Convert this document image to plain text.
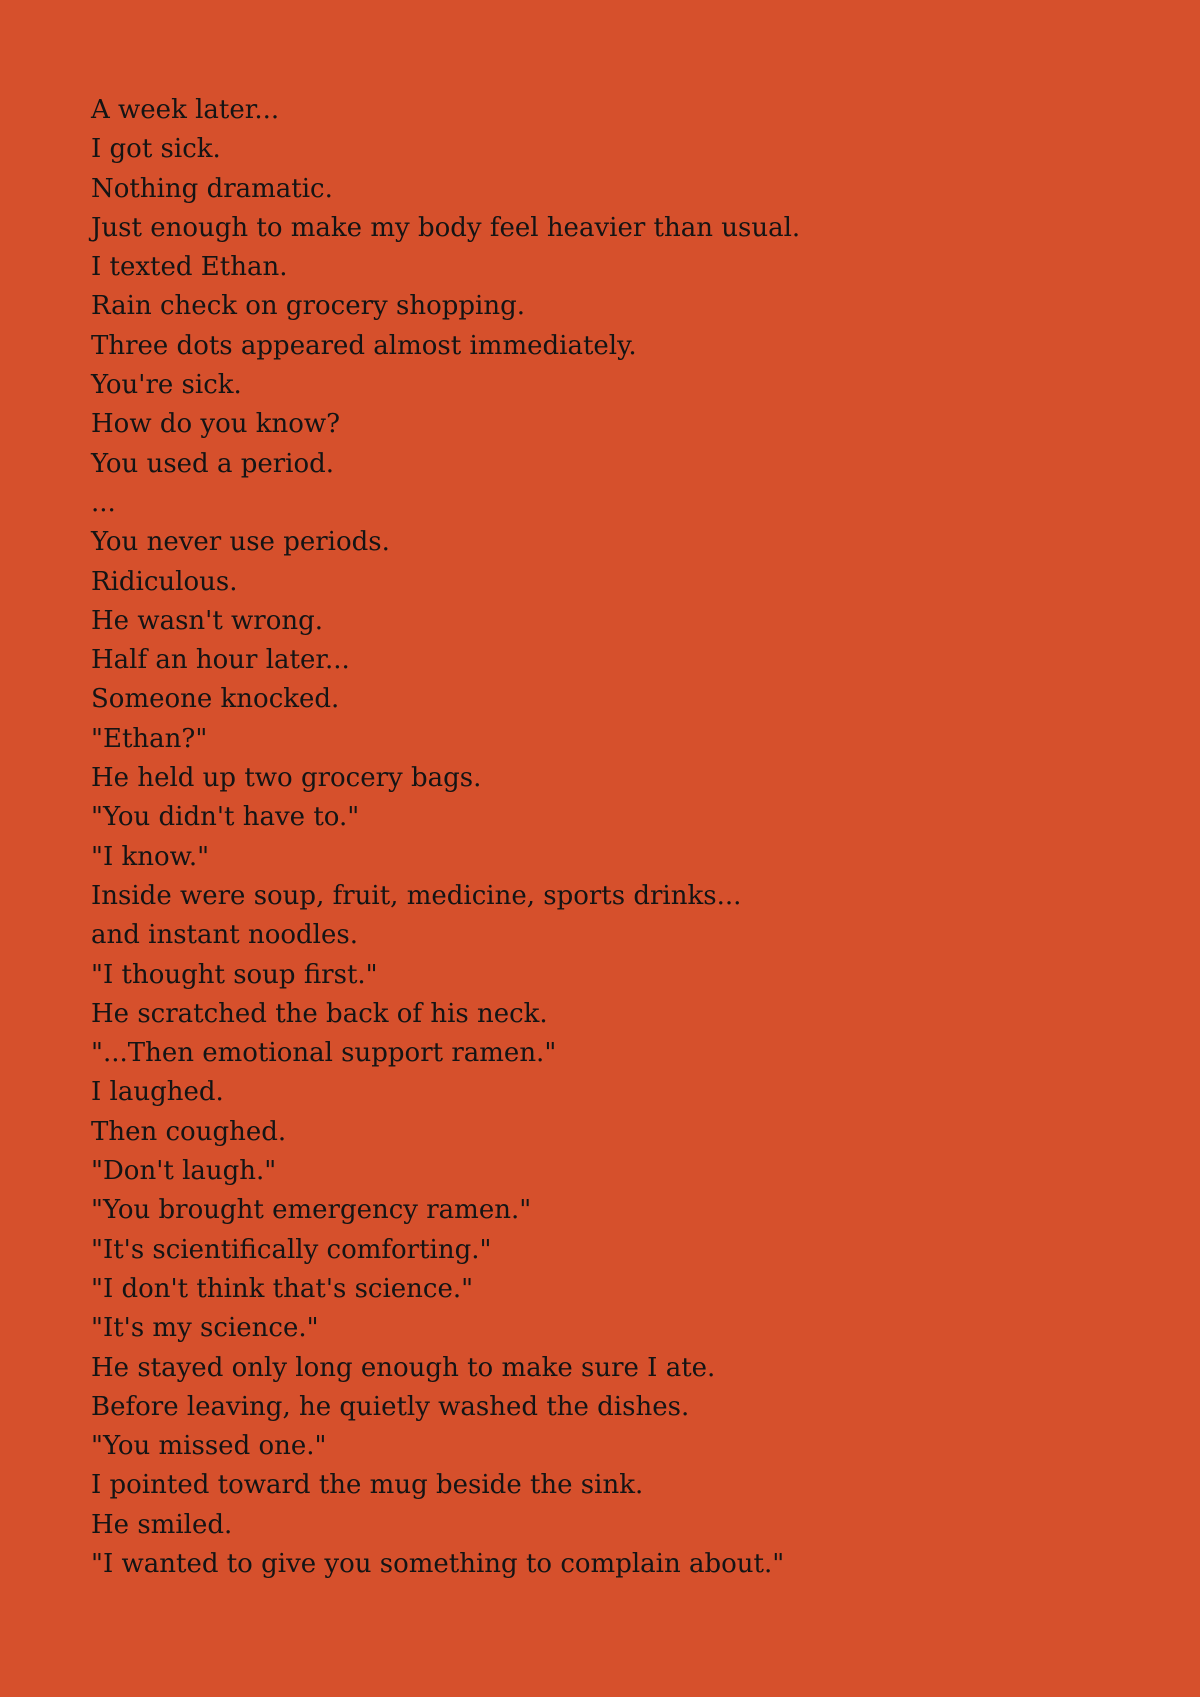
A week later...
I got sick.
Nothing dramatic.
Just enough to make my body feel heavier than usual.
I texted Ethan.
Rain check on grocery shopping.
Three dots appeared almost immediately.
You're sick.
How do you know?
You used a period.
...
You never use periods.
Ridiculous.
He wasn't wrong.
Half an hour later...
Someone knocked.
"Ethan?"
He held up two grocery bags.
"You didn't have to."
"I know."
Inside were soup, fruit, medicine, sports drinks...
and instant noodles.
"I thought soup first."
He scratched the back of his neck.
"...Then emotional support ramen."
I laughed.
Then coughed.
"Don't laugh."
"You brought emergency ramen."
"It's scientifically comforting."
"I don't think that's science."
"It's my science."
He stayed only long enough to make sure I ate.
Before leaving, he quietly washed the dishes.
"You missed one."
I pointed toward the mug beside the sink.
He smiled.
"I wanted to give you something to complain about."
